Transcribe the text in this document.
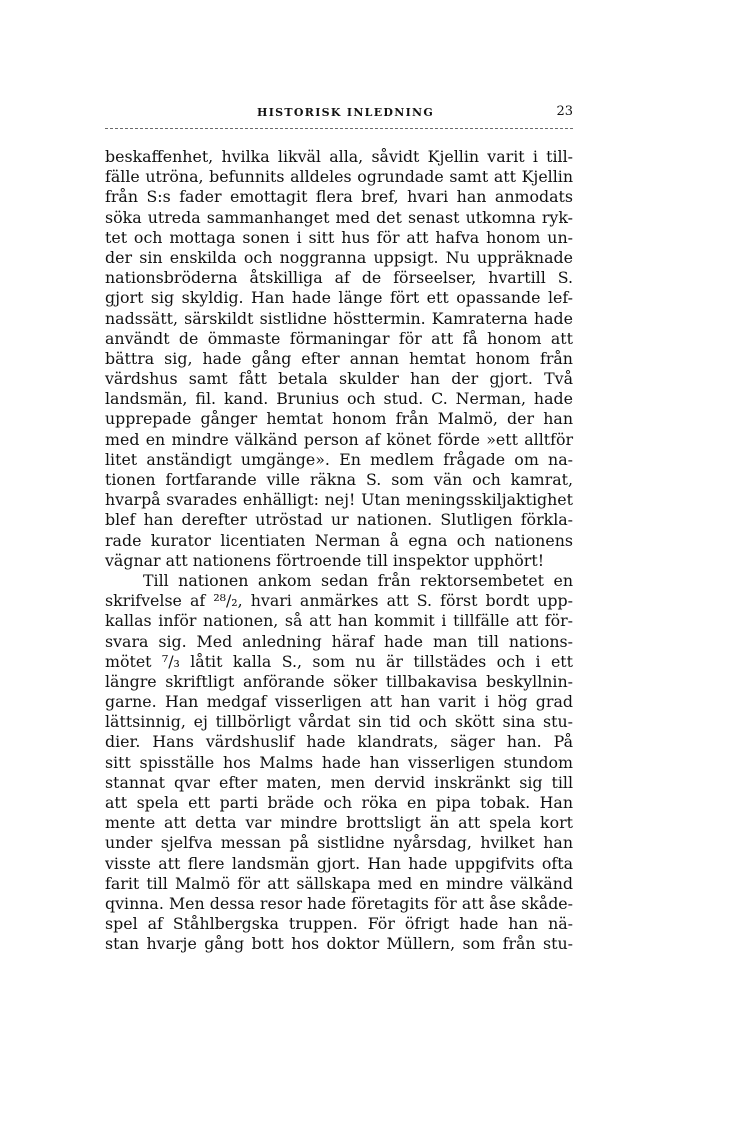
HISTORISK INLEDNING	23
beskaffenhet, hvilka likväl alla, såvidt Kjellin varit i till-
fälle utröna, befunnits alldeles ogrundade samt att Kjellin
från S:s fader emottagit flera bref, hvari han anmodats
söka utreda sammanhanget med det senast utkomna ryk-
tet och mottaga sonen i sitt hus för att hafva honom un-
der sin enskilda och noggranna uppsigt. Nu uppräknade
nationsbröderna åtskilliga af de förseelser, hvartill S.
gjort sig skyldig. Han hade länge fört ett opassande lef-
nadssätt, särskildt sistlidne hösttermin. Kamraterna hade
användt de ömmaste förmaningar för att få honom att
bättra sig, hade gång efter annan hemtat honom från
värdshus samt fått betala skulder han der gjort. Två
landsmän, fil. kand. Brunius och stud. C. Nerman, hade
upprepade gånger hemtat honom från Malmö, der han
med en mindre välkänd person af könet förde »ett alltför
litet anständigt umgänge». En medlem frågade om na-
tionen fortfarande ville räkna S. som vän och kamrat,
hvarpå svarades enhälligt: nej! Utan meningsskiljaktighet
blef han derefter utröstad ur nationen. Slutligen förkla-
rade kurator licentiaten Nerman å egna och nationens
vägnar att nationens förtroende till inspektor upphört!
Till nationen ankom sedan från rektorsembetet en
skrifvelse af ²⁸/₂, hvari anmärkes att S. först bordt upp-
kallas inför nationen, så att han kommit i tillfälle att för-
svara sig. Med anledning häraf hade man till nations-
mötet ⁷/₃ låtit kalla S., som nu är tillstädes och i ett
längre skriftligt anförande söker tillbakavisa beskyllnin-
garne. Han medgaf visserligen att han varit i hög grad
lättsinnig, ej tillbörligt vårdat sin tid och skött sina stu-
dier. Hans värdshuslif hade klandrats, säger han. På
sitt spisställe hos Malms hade han visserligen stundom
stannat qvar efter maten, men dervid inskränkt sig till
att spela ett parti bräde och röka en pipa tobak. Han
mente att detta var mindre brottsligt än att spela kort
under sjelfva messan på sistlidne nyårsdag, hvilket han
visste att flere landsmän gjort. Han hade uppgifvits ofta
farit till Malmö för att sällskapa med en mindre välkänd
qvinna. Men dessa resor hade företagits för att åse skåde-
spel af Ståhlbergska truppen. För öfrigt hade han nä-
stan hvarje gång bott hos doktor Müllern, som från stu-
